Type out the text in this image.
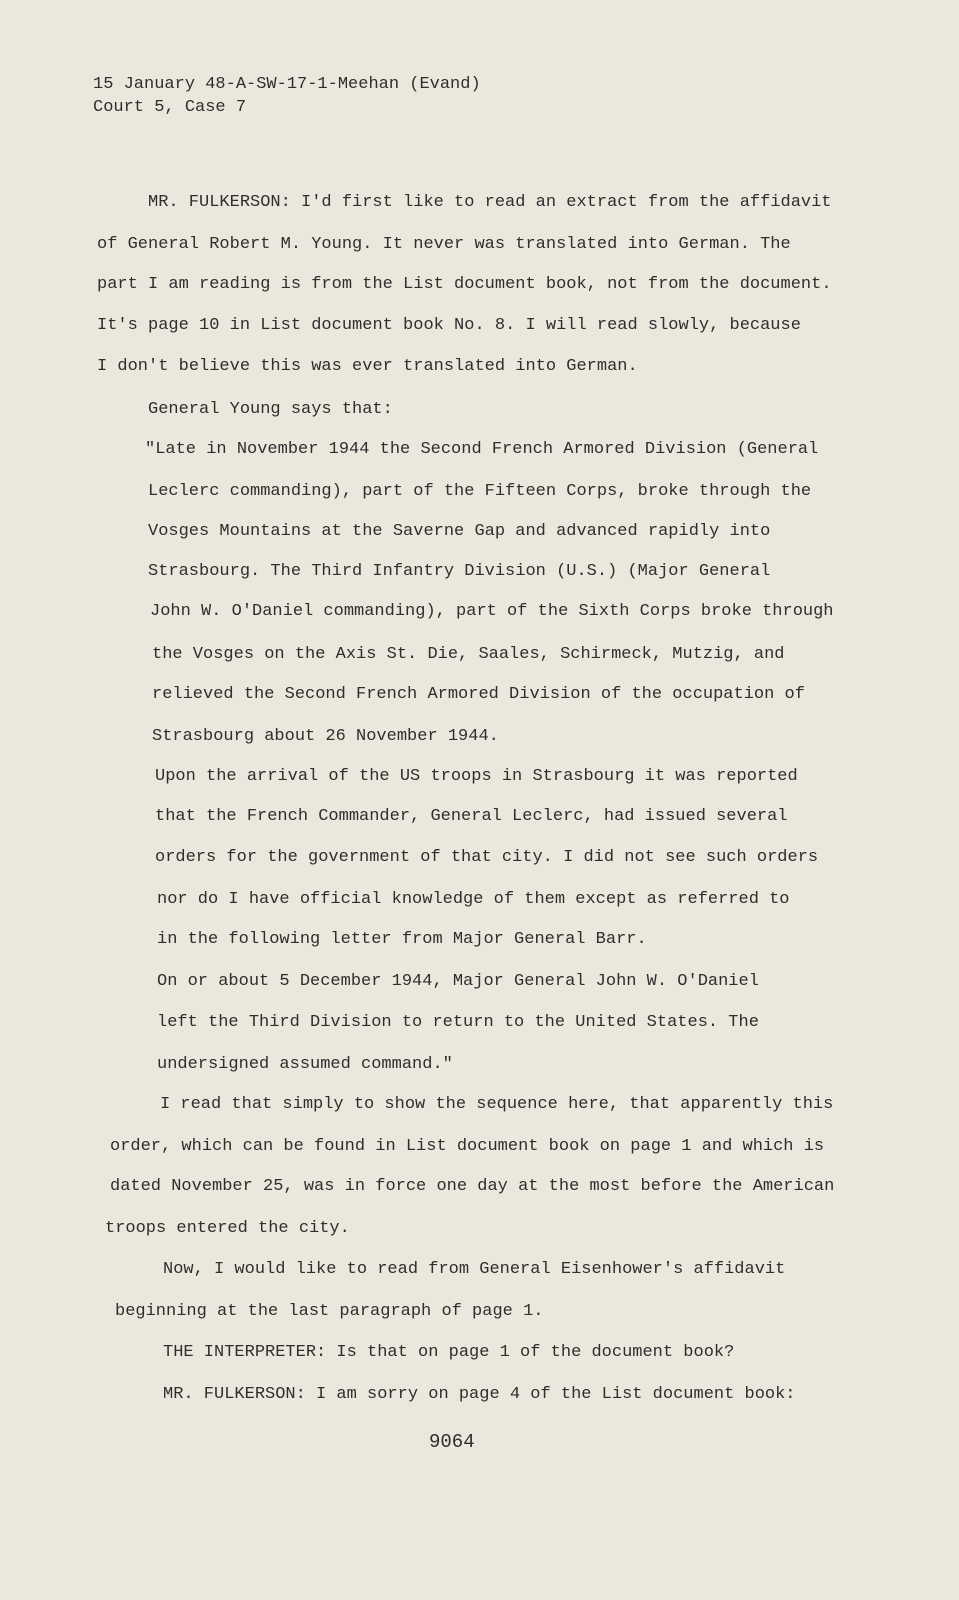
15 January 48-A-SW-17-1-Meehan (Evand)
Court 5, Case 7
MR. FULKERSON: I'd first like to read an extract from the affidavit
of General Robert M. Young. It never was translated into German. The
part I am reading is from the List document book, not from the document.
It's page 10 in List document book No. 8. I will read slowly, because
I don't believe this was ever translated into German.
General Young says that:
"Late in November 1944 the Second French Armored Division (General
Leclerc commanding), part of the Fifteen Corps, broke through the
Vosges Mountains at the Saverne Gap and advanced rapidly into
Strasbourg. The Third Infantry Division (U.S.) (Major General
John W. O'Daniel commanding), part of the Sixth Corps broke through
the Vosges on the Axis St. Die, Saales, Schirmeck, Mutzig, and
relieved the Second French Armored Division of the occupation of
Strasbourg about 26 November 1944.
Upon the arrival of the US troops in Strasbourg it was reported
that the French Commander, General Leclerc, had issued several
orders for the government of that city. I did not see such orders
nor do I have official knowledge of them except as referred to
in the following letter from Major General Barr.
On or about 5 December 1944, Major General John W. O'Daniel
left the Third Division to return to the United States. The
undersigned assumed command."
I read that simply to show the sequence here, that apparently this
order, which can be found in List document book on page 1 and which is
dated November 25, was in force one day at the most before the American
troops entered the city.
Now, I would like to read from General Eisenhower's affidavit
beginning at the last paragraph of page 1.
THE INTERPRETER: Is that on page 1 of the document book?
MR. FULKERSON: I am sorry on page 4 of the List document book:
9064
